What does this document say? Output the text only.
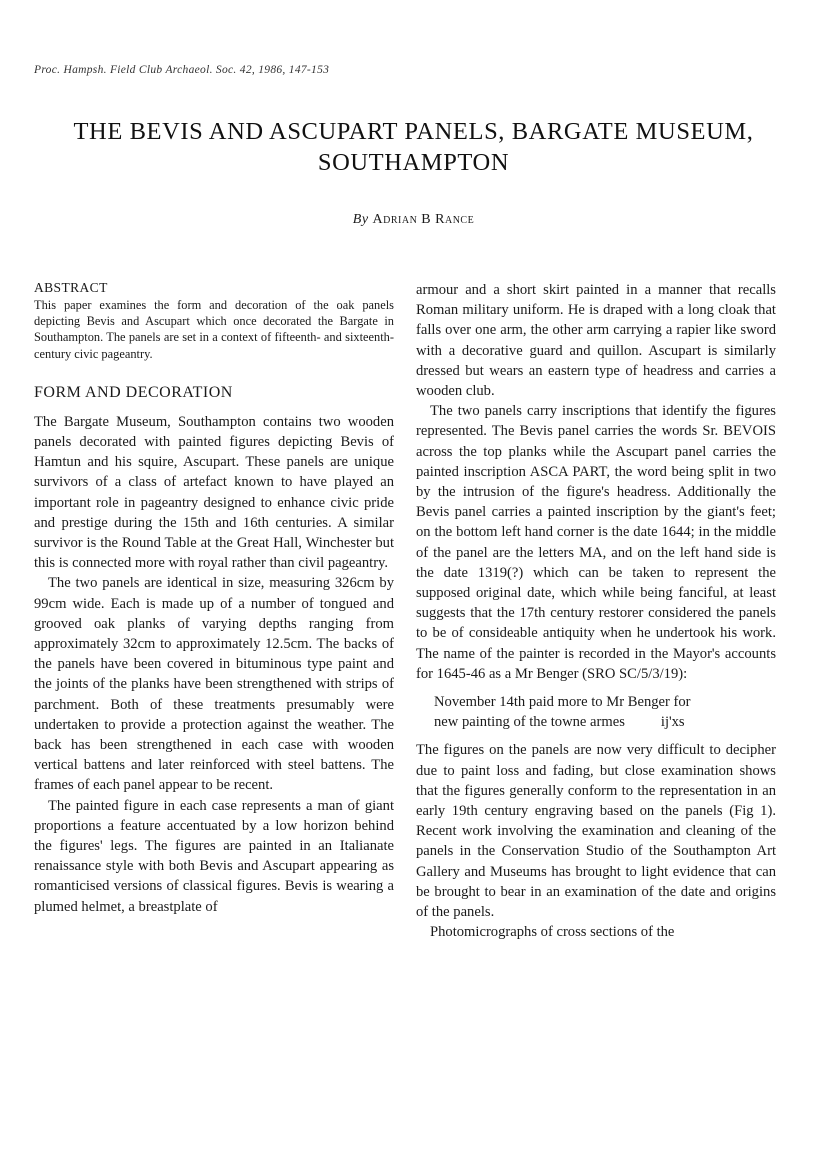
Proc. Hampsh. Field Club Archaeol. Soc. 42, 1986, 147-153
THE BEVIS AND ASCUPART PANELS, BARGATE MUSEUM,
SOUTHAMPTON
By Adrian B Rance
ABSTRACT

This paper examines the form and decoration of the oak panels depicting Bevis and Ascupart which once decorated the Bargate in Southampton. The panels are set in a context of fifteenth- and sixteenth-century civic pageantry.

FORM AND DECORATION

The Bargate Museum, Southampton contains two wooden panels decorated with painted figures depicting Bevis of Hamtun and his squire, Ascupart. These panels are unique survivors of a class of artefact known to have played an important role in pageantry designed to enhance civic pride and prestige during the 15th and 16th centuries. A similar survivor is the Round Table at the Great Hall, Winchester but this is connected more with royal rather than civil pageantry.

The two panels are identical in size, measuring 326cm by 99cm wide. Each is made up of a number of tongued and grooved oak planks of varying depths ranging from approximately 32cm to approximately 12.5cm. The backs of the panels have been covered in bituminous type paint and the joints of the planks have been strengthened with strips of parchment. Both of these treatments presumably were undertaken to provide a protection against the weather. The back has been strengthened in each case with wooden vertical battens and later reinforced with steel battens. The frames of each panel appear to be recent.

The painted figure in each case represents a man of giant proportions a feature accentuated by a low horizon behind the figures' legs. The figures are painted in an Italianate renaissance style with both Bevis and Ascupart appearing as romanticised versions of classical figures. Bevis is wearing a plumed helmet, a breastplate of

armour and a short skirt painted in a manner that recalls Roman military uniform. He is draped with a long cloak that falls over one arm, the other arm carrying a rapier like sword with a decorative guard and quillon. Ascupart is similarly dressed but wears an eastern type of headress and carries a wooden club.

The two panels carry inscriptions that identify the figures represented. The Bevis panel carries the words Sr. BEVOIS across the top planks while the Ascupart panel carries the painted inscription ASCA PART, the word being split in two by the intrusion of the figure's headress. Additionally the Bevis panel carries a painted inscription by the giant's feet; on the bottom left hand corner is the date 1644; in the middle of the panel are the letters MA, and on the left hand side is the date 1319(?) which can be taken to represent the supposed original date, which while being fanciful, at least suggests that the 17th century restorer considered the panels to be of consideable antiquity when he undertook his work. The name of the painter is recorded in the Mayor's accounts for 1645-46 as a Mr Benger (SRO SC/5/3/19):

November 14th paid more to Mr Benger for
new painting of the towne armes ij'xs

The figures on the panels are now very difficult to decipher due to paint loss and fading, but close examination shows that the figures generally conform to the representation in an early 19th century engraving based on the panels (Fig 1). Recent work involving the examination and cleaning of the panels in the Conservation Studio of the Southampton Art Gallery and Museums has brought to light evidence that can be brought to bear in an examination of the date and origins of the panels.

Photomicrographs of cross sections of the
